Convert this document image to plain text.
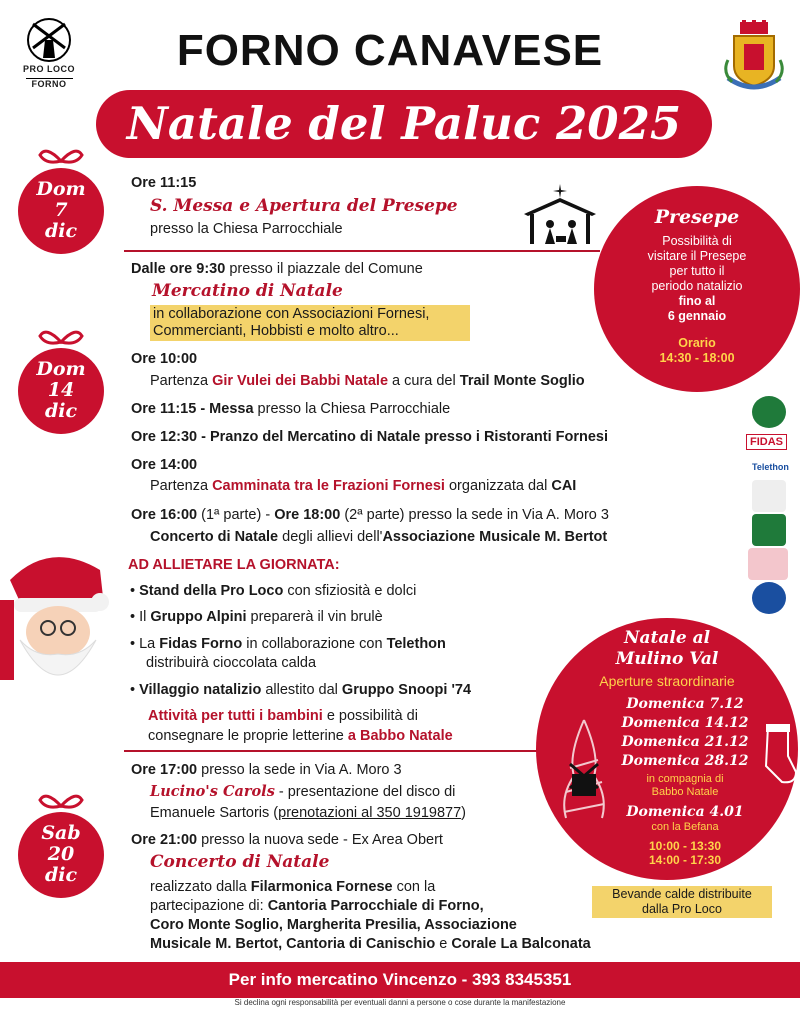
PRO LOCO
FORNO
FORNO CANAVESE
Natale del Paluc 2025
Dom
7
dic
Dom
14
dic
Sab
20
dic
Ore 11:15
S. Messa e Apertura del Presepe
presso la Chiesa Parrocchiale
Presepe
Possibilità di
visitare il Presepe
per tutto il
periodo natalizio
fino al
6 gennaio
Orario
14:30 - 18:00
Dalle ore 9:30 presso il piazzale del Comune
Mercatino di Natale
in collaborazione con Associazioni Fornesi,
Commercianti, Hobbisti e molto altro...
Ore 10:00
Partenza Gir Vulei dei Babbi Natale a cura del Trail Monte Soglio
Ore 11:15 - Messa presso la Chiesa Parrocchiale
Ore 12:30 - Pranzo del Mercatino di Natale presso i Ristoranti Fornesi
Ore 14:00
Partenza Camminata tra le Frazioni Fornesi organizzata dal CAI
Ore 16:00 (1ª parte) - Ore 18:00 (2ª parte) presso la sede in Via A. Moro 3
Concerto di Natale degli allievi dell'Associazione Musicale M. Bertot
AD ALLIETARE LA GIORNATA:
• Stand della Pro Loco con sfiziosità e dolci
• Il Gruppo Alpini preparerà il vin brulè
• La Fidas Forno in collaborazione con Telethon
distribuirà cioccolata calda
• Villaggio natalizio allestito dal Gruppo Snoopi '74
Attività per tutti i bambini e possibilità di
consegnare le proprie letterine a Babbo Natale
Ore 17:00 presso la sede in Via A. Moro 3
Lucino's Carols - presentazione del disco di
Emanuele Sartoris (prenotazioni al 350 1919877)
Ore 21:00 presso la nuova sede - Ex Area Obert
Concerto di Natale
realizzato dalla Filarmonica Fornese con la
partecipazione di: Cantoria Parrocchiale di Forno,
Coro Monte Soglio, Margherita Presilia, Associazione
Musicale M. Bertot, Cantoria di Canischio e Corale La Balconata
FIDAS
Telethon
Natale al
Mulino Val
Aperture straordinarie
Domenica 7.12
Domenica 14.12
Domenica 21.12
Domenica 28.12
in compagnia di
Babbo Natale
Domenica 4.01
con la Befana
10:00 - 13:30
14:00 - 17:30
Bevande calde distribuite
dalla Pro Loco
Per info mercatino Vincenzo - 393 8345351
Si declina ogni responsabilità per eventuali danni a persone o cose durante la manifestazione
